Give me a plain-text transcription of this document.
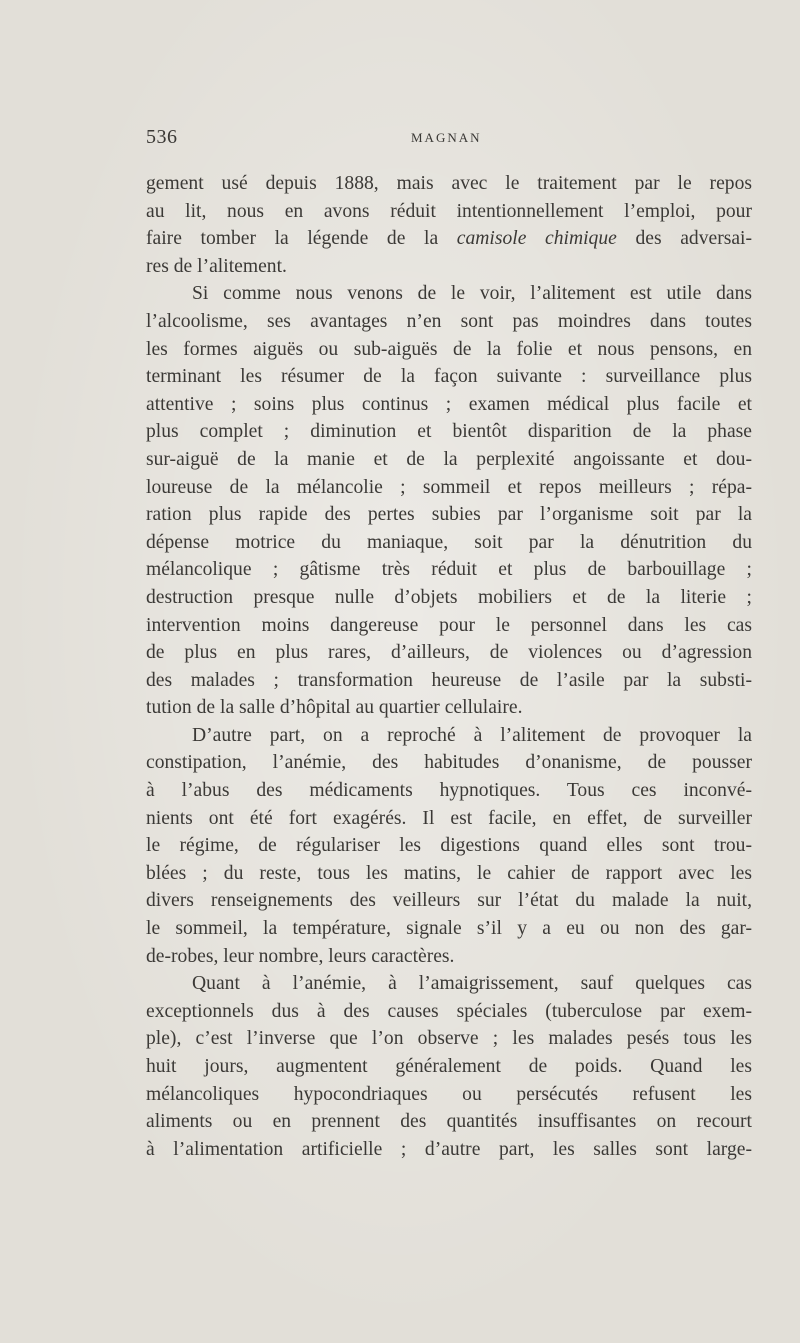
536	MAGNAN
gement usé depuis 1888, mais avec le traitement par le repos
au lit, nous en avons réduit intentionnellement l’emploi, pour
faire tomber la légende de la camisole chimique des adversai-
res de l’alitement.
Si comme nous venons de le voir, l’alitement est utile dans
l’alcoolisme, ses avantages n’en sont pas moindres dans toutes
les formes aiguës ou sub-aiguës de la folie et nous pensons, en
terminant les résumer de la façon suivante : surveillance plus
attentive ; soins plus continus ; examen médical plus facile et
plus complet ; diminution et bientôt disparition de la phase
sur-aiguë de la manie et de la perplexité angoissante et dou-
loureuse de la mélancolie ; sommeil et repos meilleurs ; répa-
ration plus rapide des pertes subies par l’organisme soit par la
dépense motrice du maniaque, soit par la dénutrition du
mélancolique ; gâtisme très réduit et plus de barbouillage ;
destruction presque nulle d’objets mobiliers et de la literie ;
intervention moins dangereuse pour le personnel dans les cas
de plus en plus rares, d’ailleurs, de violences ou d’agression
des malades ; transformation heureuse de l’asile par la substi-
tution de la salle d’hôpital au quartier cellulaire.
D’autre part, on a reproché à l’alitement de provoquer la
constipation, l’anémie, des habitudes d’onanisme, de pousser
à l’abus des médicaments hypnotiques. Tous ces inconvé-
nients ont été fort exagérés. Il est facile, en effet, de surveiller
le régime, de régulariser les digestions quand elles sont trou-
blées ; du reste, tous les matins, le cahier de rapport avec les
divers renseignements des veilleurs sur l’état du malade la nuit,
le sommeil, la température, signale s’il y a eu ou non des gar-
de-robes, leur nombre, leurs caractères.
Quant à l’anémie, à l’amaigrissement, sauf quelques cas
exceptionnels dus à des causes spéciales (tuberculose par exem-
ple), c’est l’inverse que l’on observe ; les malades pesés tous les
huit jours, augmentent généralement de poids. Quand les
mélancoliques hypocondriaques ou persécutés refusent les
aliments ou en prennent des quantités insuffisantes on recourt
à l’alimentation artificielle ; d’autre part, les salles sont large-
